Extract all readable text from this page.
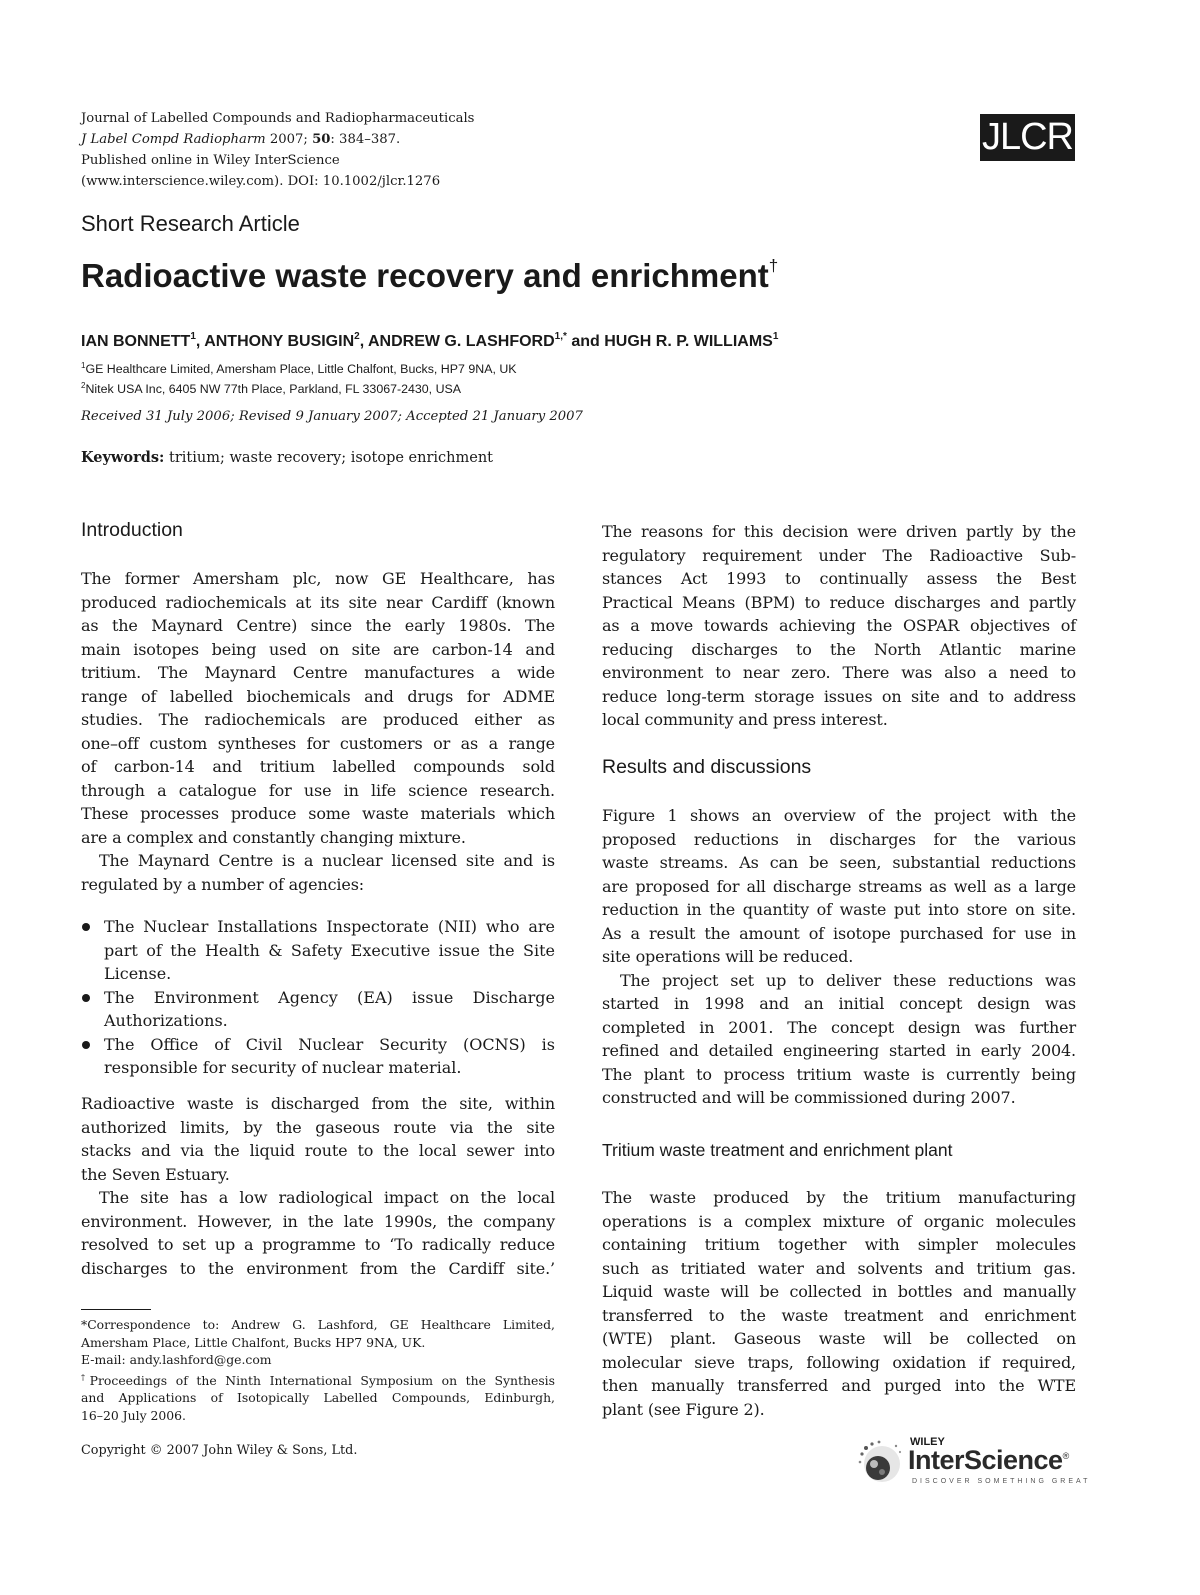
Journal of Labelled Compounds and Radiopharmaceuticals
J Label Compd Radiopharm 2007; 50: 384–387.
Published online in Wiley InterScience
(www.interscience.wiley.com). DOI: 10.1002/jlcr.1276
JLCR
Short Research Article
Radioactive waste recovery and enrichment†
IAN BONNETT$^1$, ANTHONY BUSIGIN$^2$, ANDREW G. $LASHFORD^{1,*}$ and HUGH R. P. WILLIAMS$^1$
$^1$GE Healthcare Limited, Amersham Place, Little Chalfont, Bucks, HP7 9NA, UK
$^2$Nitek USA Inc, 6405 NW 77th Place, Parkland, FL 33067-2430, USA
Received 31 July 2006; Revised 9 January 2007; Accepted 21 January 2007
Keywords: tritium; waste recovery; isotope enrichment
Introduction
The former Amersham plc, now GE Healthcare, has
produced radiochemicals at its site near Cardiff (known
as the Maynard Centre) since the early 1980s. The
main isotopes being used on site are carbon-14 and
tritium. The Maynard Centre manufactures a wide
range of labelled biochemicals and drugs for ADME
studies. The radiochemicals are produced either as
one–off custom syntheses for customers or as a range
of carbon-14 and tritium labelled compounds sold
through a catalogue for use in life science research.
These processes produce some waste materials which
are a complex and constantly changing mixture.
The Maynard Centre is a nuclear licensed site and is
regulated by a number of agencies:
The Nuclear Installations Inspectorate (NII) who are
part of the Health & Safety Executive issue the Site
License.
The Environment Agency (EA) issue Discharge
Authorizations.
The Office of Civil Nuclear Security (OCNS) is
responsible for security of nuclear material.
Radioactive waste is discharged from the site, within
authorized limits, by the gaseous route via the site
stacks and via the liquid route to the local sewer into
the Seven Estuary.
The site has a low radiological impact on the local
environment. However, in the late 1990s, the company
resolved to set up a programme to ‘To radically reduce
discharges to the environment from the Cardiff site.’
*Correspondence to: Andrew G. Lashford, GE Healthcare Limited,
Amersham Place, Little Chalfont, Bucks HP7 9NA, UK.
E-mail: andy.lashford@ge.com
†Proceedings of the Ninth International Symposium on the Synthesis
and Applications of Isotopically Labelled Compounds, Edinburgh,
16–20 July 2006.
Copyright © 2007 John Wiley & Sons, Ltd.
The reasons for this decision were driven partly by the
regulatory requirement under The Radioactive Sub-
stances Act 1993 to continually assess the Best
Practical Means (BPM) to reduce discharges and partly
as a move towards achieving the OSPAR objectives of
reducing discharges to the North Atlantic marine
environment to near zero. There was also a need to
reduce long-term storage issues on site and to address
local community and press interest.
Results and discussions
Figure 1 shows an overview of the project with the
proposed reductions in discharges for the various
waste streams. As can be seen, substantial reductions
are proposed for all discharge streams as well as a large
reduction in the quantity of waste put into store on site.
As a result the amount of isotope purchased for use in
site operations will be reduced.
The project set up to deliver these reductions was
started in 1998 and an initial concept design was
completed in 2001. The concept design was further
refined and detailed engineering started in early 2004.
The plant to process tritium waste is currently being
constructed and will be commissioned during 2007.
Tritium waste treatment and enrichment plant
The waste produced by the tritium manufacturing
operations is a complex mixture of organic molecules
containing tritium together with simpler molecules
such as tritiated water and solvents and tritium gas.
Liquid waste will be collected in bottles and manually
transferred to the waste treatment and enrichment
(WTE) plant. Gaseous waste will be collected on
molecular sieve traps, following oxidation if required,
then manually transferred and purged into the WTE
plant (see Figure 2).
WILEY
InterScience®
DISCOVER SOMETHING GREAT
